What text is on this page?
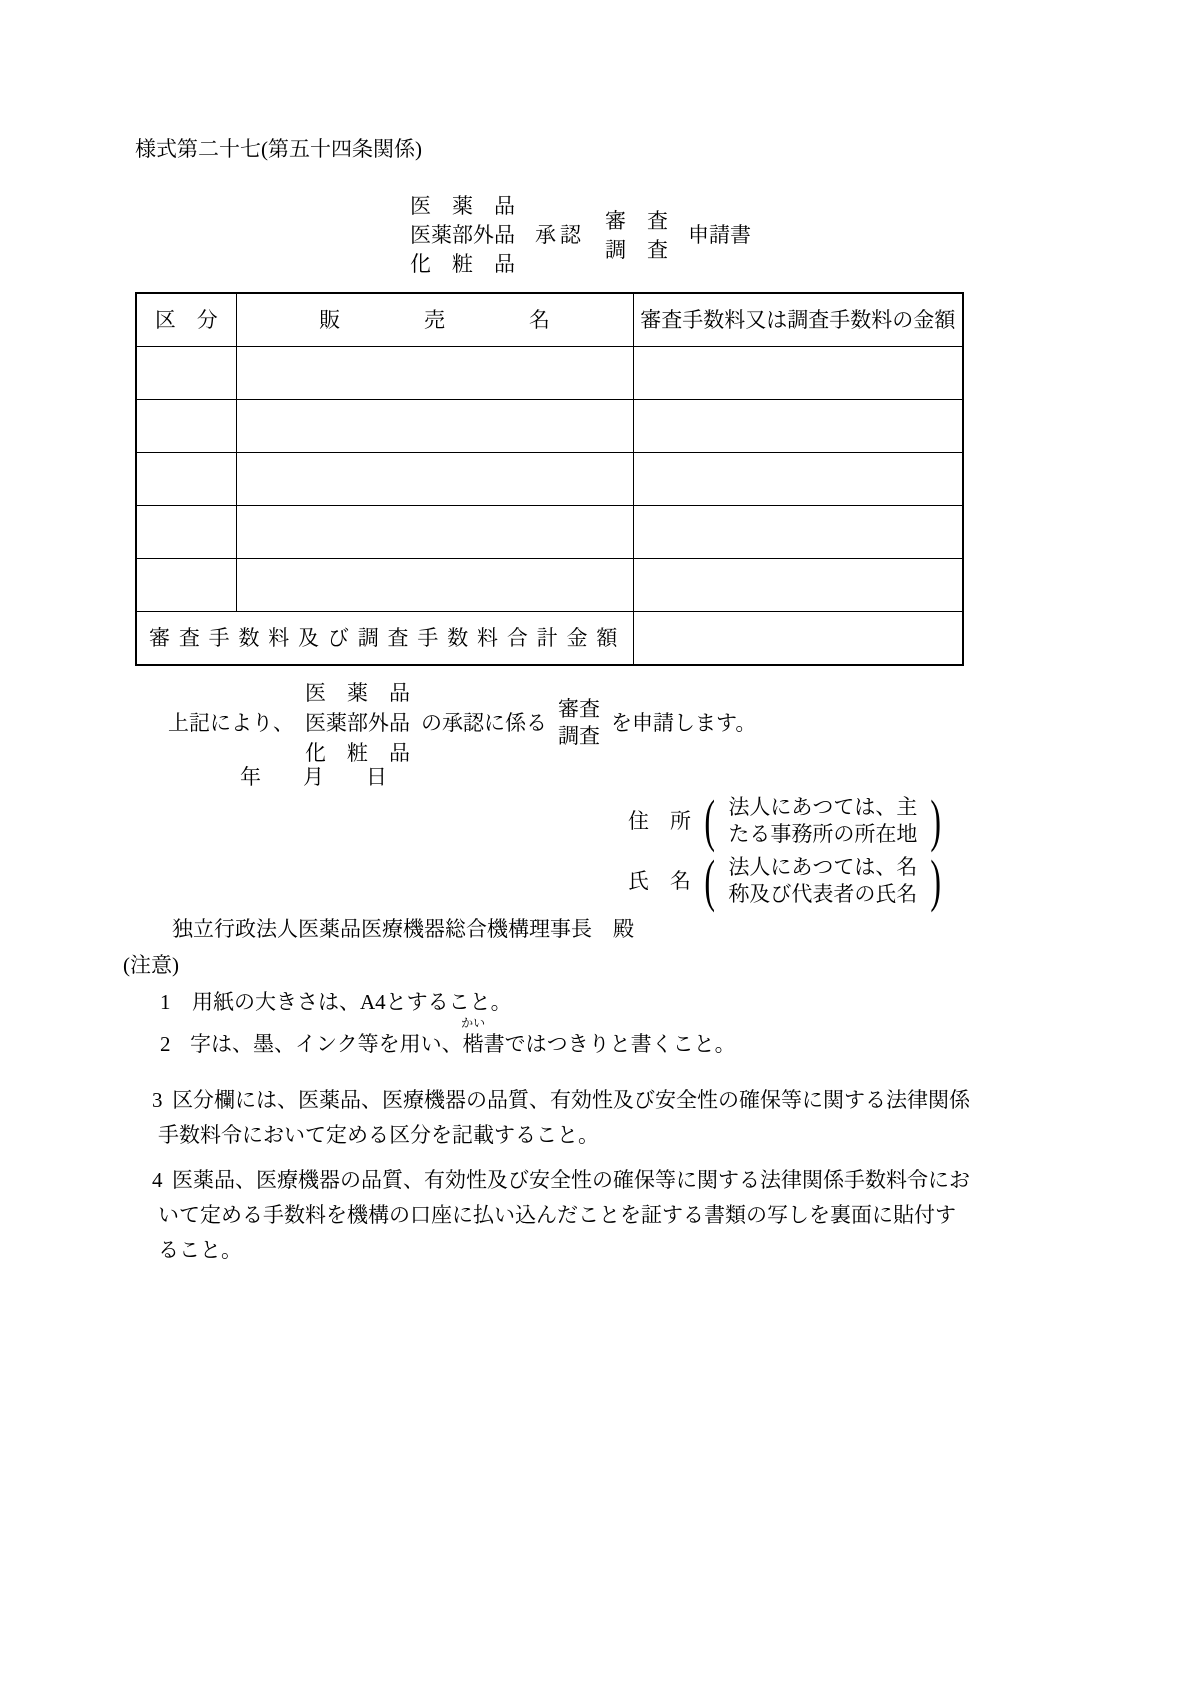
様式第二十七(第五十四条関係)
医　薬　品
医薬部外品
化　粧　品
承認
審　査
調　査
申請書
区　分	販　　　　売　　　　名	審査手数料又は調査手数料の金額

審査手数料及び調査手数料合計金額		
上記により、
医　薬　品
医薬部外品
化　粧　品
の承認に係る
審査
調査
を申請します。
年　　月　　日
住　所 ( 法人にあつては、主
たる事務所の所在地 )
氏　名 ( 法人にあつては、名
称及び代表者の氏名 )
独立行政法人医薬品医療機器総合機構理事長　殿
(注意)
1 用紙の大きさは、A4とすること。
2 字は、墨、インク等を用い、
かい
楷書ではつきりと書くこと。
3 区分欄には、医薬品、医療機器の品質、有効性及び安全性の確保等に関する法律関係
手数料令において定める区分を記載すること。
4 医薬品、医療機器の品質、有効性及び安全性の確保等に関する法律関係手数料令にお
いて定める手数料を機構の口座に払い込んだことを証する書類の写しを裏面に貼付す
ること。
